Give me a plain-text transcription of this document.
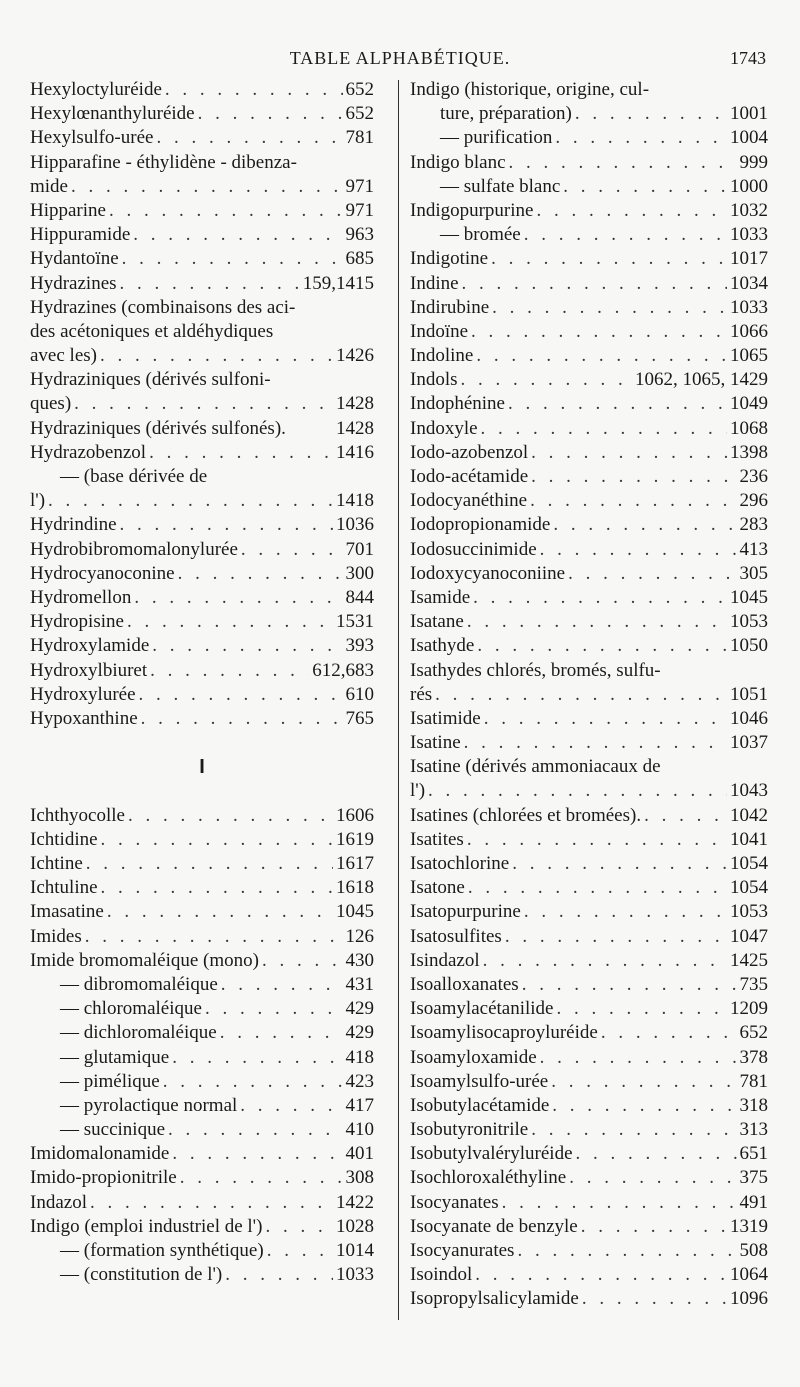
TABLE ALPHABÉTIQUE.	1743
Hexyloctyluréide . . .	652
Hexylœnanthyluréide . . .	652
Hexylsulfo-urée . . .	781
Hipparafine - éthylidène - dibenza-
mide . . .	971
Hipparine . . .	971
Hippuramide . . .	963
Hydantoïne . . .	685
Hydrazines . . .	159,1415
Hydrazines (combinaisons des aci-
des acétoniques et aldéhydiques
avec les) . . .	1426
Hydraziniques (dérivés sulfoni-
ques) . . .	1428
Hydraziniques (dérivés sulfonés).	1428
Hydrazobenzol . . .	1416
— (base dérivée de
l') . . .	1418
Hydrindine . . .	1036
Hydrobibromomalonylurée . . .	701
Hydrocyanoconine . . .	300
Hydromellon . . .	844
Hydropisine . . .	1531
Hydroxylamide . . .	393
Hydroxylbiuret . . .	612,683
Hydroxylurée . . .	610
Hypoxanthine . . .	765
I
Ichthyocolle . . .	1606
Ichtidine . . .	1619
Ichtine . . .	1617
Ichtuline . . .	1618
Imasatine . . .	1045
Imides . . .	126
Imide bromomaléique (mono) . . .	430
— dibromomaléique . . .	431
— chloromaléique . . .	429
— dichloromaléique . . .	429
— glutamique . . .	418
— pimélique . . .	423
— pyrolactique normal . . .	417
— succinique . . .	410
Imidomalonamide . . .	401
Imido-propionitrile . . .	308
Indazol . . .	1422
Indigo (emploi industriel de l') . . .	1028
— (formation synthétique) . . .	1014
— (constitution de l') . . .	1033
Indigo (historique, origine, cul-
ture, préparation) . . .	1001
— purification . . .	1004
Indigo blanc . . .	999
— sulfate blanc . . .	1000
Indigopurpurine . . .	1032
— bromée . . .	1033
Indigotine . . .	1017
Indine . . .	1034
Indirubine . . .	1033
Indoïne . . .	1066
Indoline . . .	1065
Indols . . .	1062, 1065, 1429
Indophénine . . .	1049
Indoxyle . . .	1068
Iodo-azobenzol . . .	1398
Iodo-acétamide . . .	236
Iodocyanéthine . . .	296
Iodopropionamide . . .	283
Iodosuccinimide . . .	413
Iodoxycyanoconiine . . .	305
Isamide . . .	1045
Isatane . . .	1053
Isathyde . . .	1050
Isathydes chlorés, bromés, sulfu-
rés . . .	1051
Isatimide . . .	1046
Isatine . . .	1037
Isatine (dérivés ammoniacaux de
l') . . .	1043
Isatines (chlorées et bromées). . . .	1042
Isatites . . .	1041
Isatochlorine . . .	1054
Isatone . . .	1054
Isatopurpurine . . .	1053
Isatosulfites . . .	1047
Isindazol . . .	1425
Isoalloxanates . . .	735
Isoamylacétanilide . . .	1209
Isoamylisocaproyluréide . . .	652
Isoamyloxamide . . .	378
Isoamylsulfo-urée . . .	781
Isobutylacétamide . . .	318
Isobutyronitrile . . .	313
Isobutylvaléryluréide . . .	651
Isochloroxaléthyline . . .	375
Isocyanates . . .	491
Isocyanate de benzyle . . .	1319
Isocyanurates . . .	508
Isoindol . . .	1064
Isopropylsalicylamide . . .	1096
